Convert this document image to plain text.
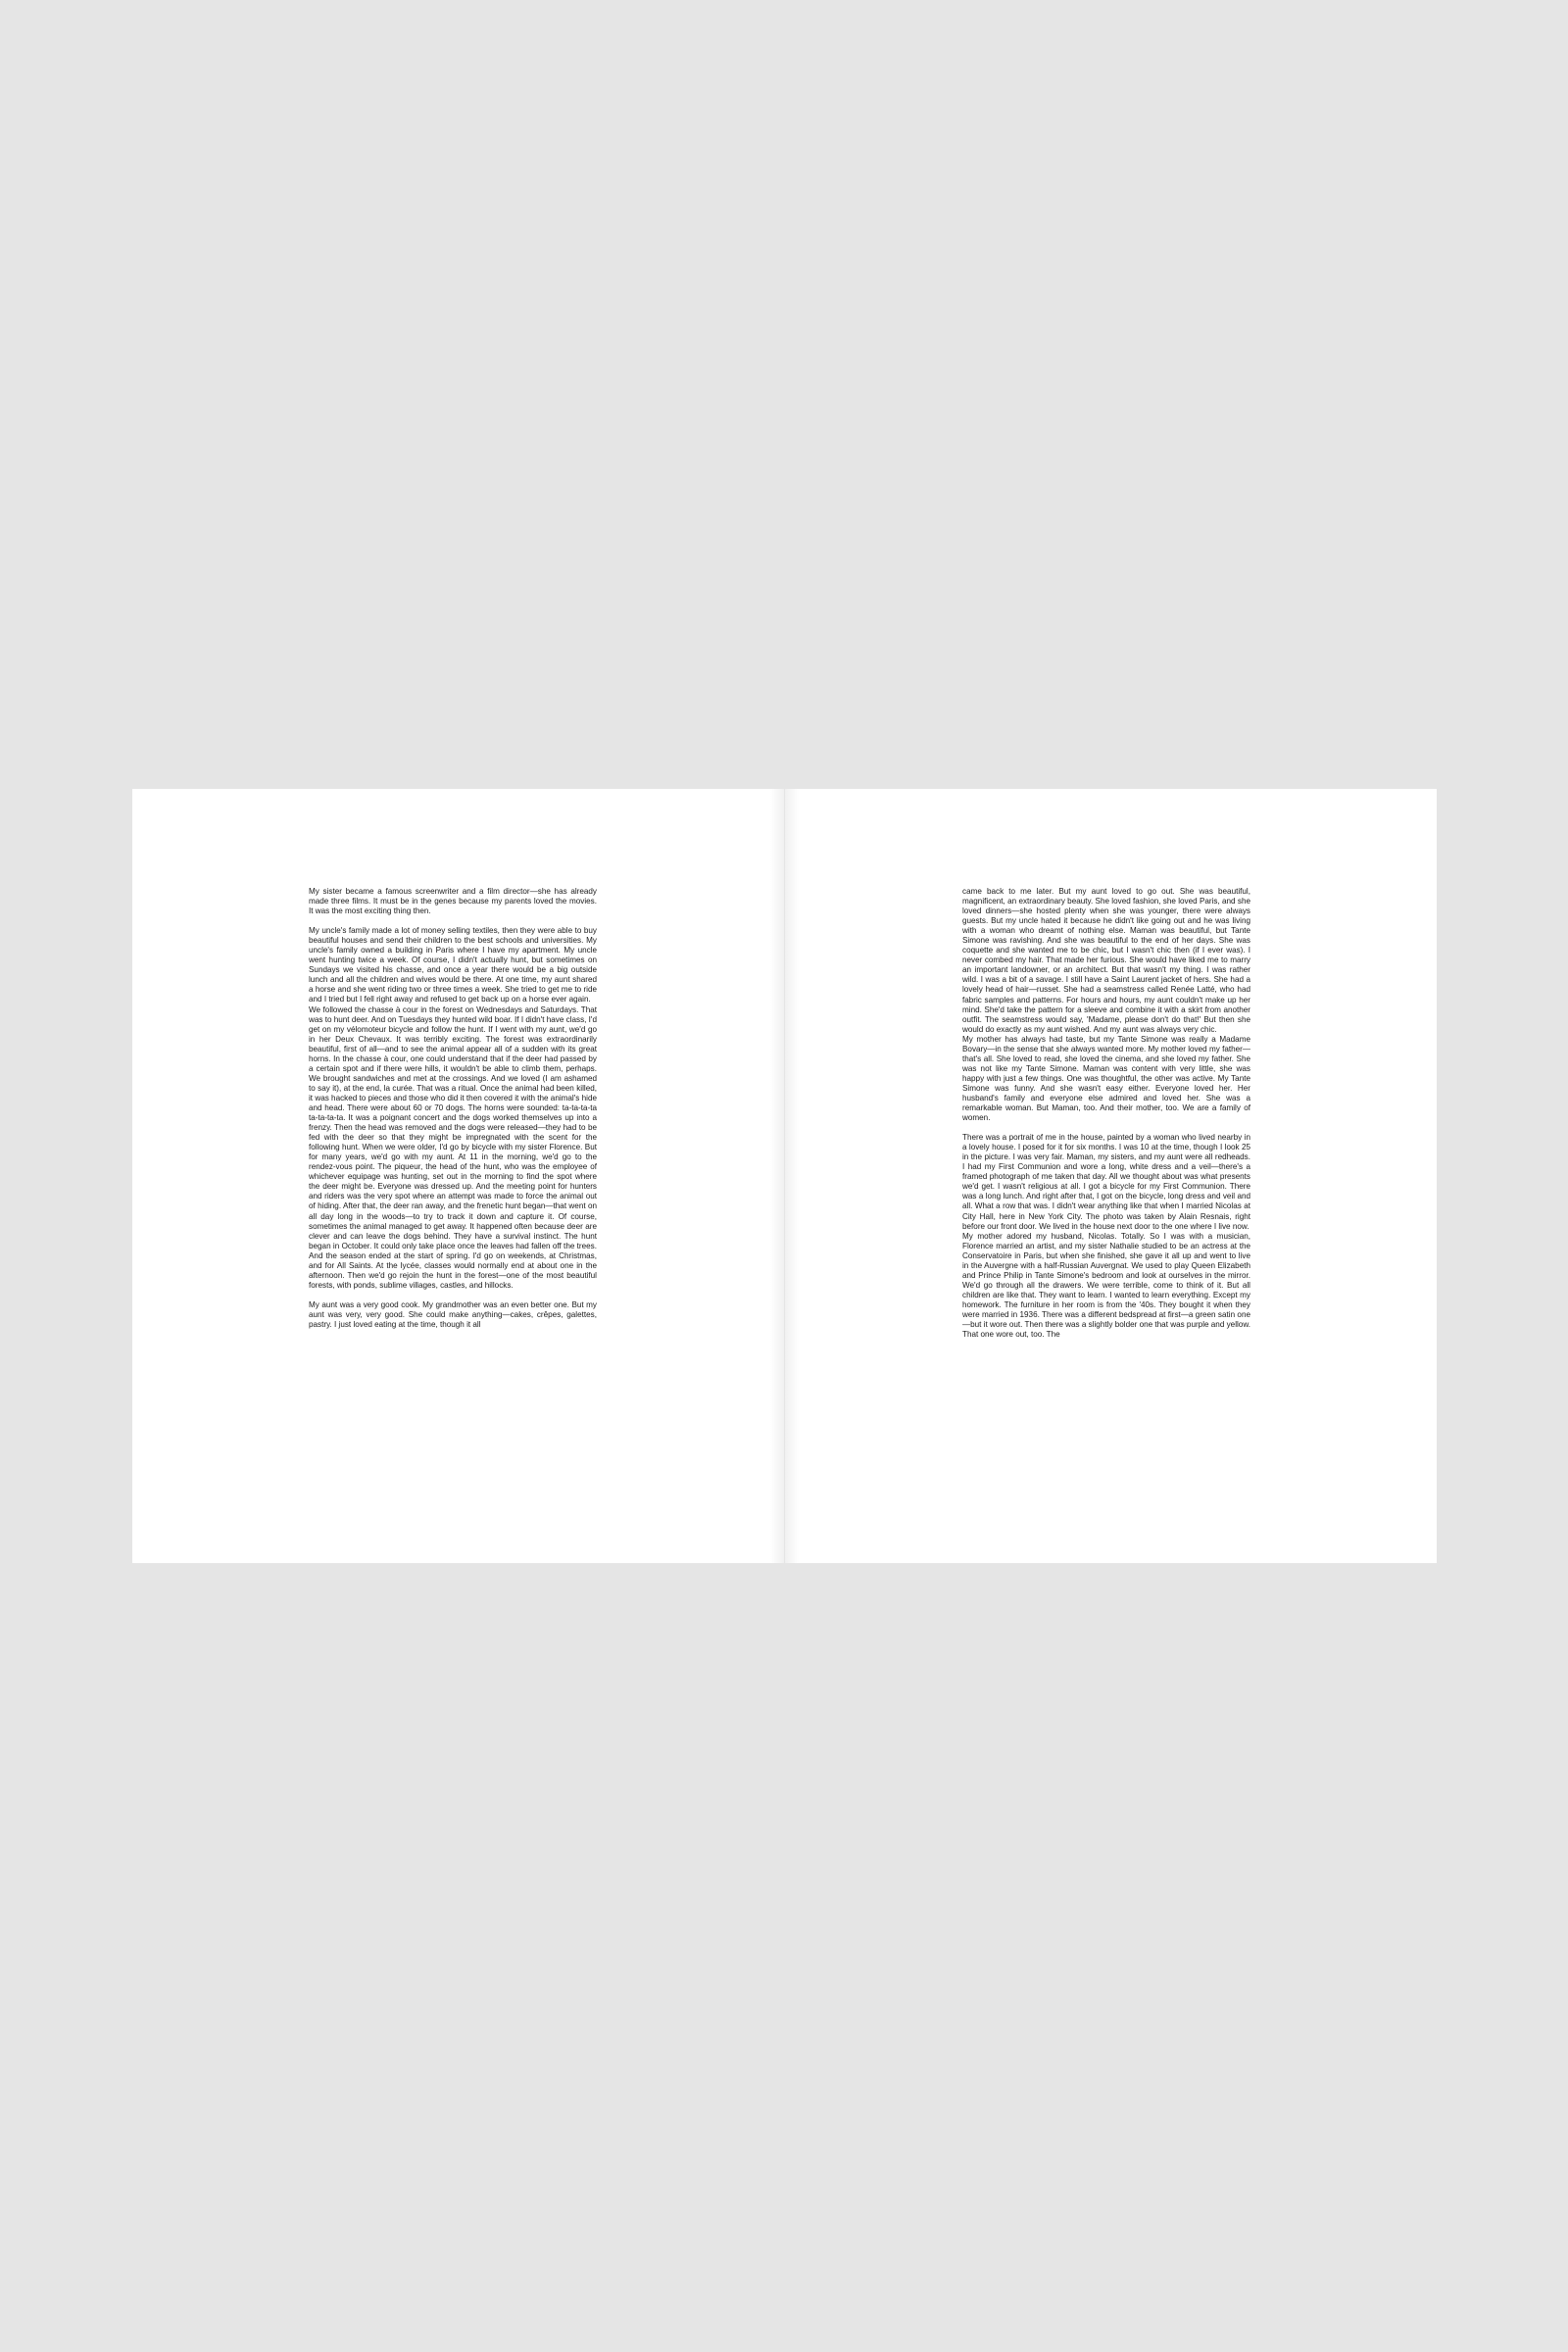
My sister became a famous screenwriter and a film director—she has already made three films. It must be in the genes because my parents loved the movies. It was the most exciting thing then.

My uncle's family made a lot of money selling textiles, then they were able to buy beautiful houses and send their children to the best schools and universities. My uncle's family owned a building in Paris where I have my apartment. My uncle went hunting twice a week. Of course, I didn't actually hunt, but sometimes on Sundays we visited his chasse, and once a year there would be a big outside lunch and all the children and wives would be there. At one time, my aunt shared a horse and she went riding two or three times a week. She tried to get me to ride and I tried but I fell right away and refused to get back up on a horse ever again.

We followed the chasse à cour in the forest on Wednesdays and Saturdays. That was to hunt deer. And on Tuesdays they hunted wild boar. If I didn't have class, I'd get on my vélomoteur bicycle and follow the hunt. If I went with my aunt, we'd go in her Deux Chevaux. It was terribly exciting. The forest was extraordinarily beautiful, first of all—and to see the animal appear all of a sudden with its great horns. In the chasse à cour, one could understand that if the deer had passed by a certain spot and if there were hills, it wouldn't be able to climb them, perhaps. We brought sandwiches and met at the crossings. And we loved (I am ashamed to say it), at the end, la curée. That was a ritual. Once the animal had been killed, it was hacked to pieces and those who did it then covered it with the animal's hide and head. There were about 60 or 70 dogs. The horns were sounded: ta-ta-ta-ta ta-ta-ta-ta. It was a poignant concert and the dogs worked themselves up into a frenzy. Then the head was removed and the dogs were released—they had to be fed with the deer so that they might be impregnated with the scent for the following hunt. When we were older, I'd go by bicycle with my sister Florence. But for many years, we'd go with my aunt. At 11 in the morning, we'd go to the rendez-vous point. The piqueur, the head of the hunt, who was the employee of whichever equipage was hunting, set out in the morning to find the spot where the deer might be. Everyone was dressed up. And the meeting point for hunters and riders was the very spot where an attempt was made to force the animal out of hiding. After that, the deer ran away, and the frenetic hunt began—that went on all day long in the woods—to try to track it down and capture it. Of course, sometimes the animal managed to get away. It happened often because deer are clever and can leave the dogs behind. They have a survival instinct. The hunt began in October. It could only take place once the leaves had fallen off the trees. And the season ended at the start of spring. I'd go on weekends, at Christmas, and for All Saints. At the lycée, classes would normally end at about one in the afternoon. Then we'd go rejoin the hunt in the forest—one of the most beautiful forests, with ponds, sublime villages, castles, and hillocks.

My aunt was a very good cook. My grandmother was an even better one. But my aunt was very, very good. She could make anything—cakes, crêpes, galettes, pastry. I just loved eating at the time, though it all

came back to me later. But my aunt loved to go out. She was beautiful, magnificent, an extraordinary beauty. She loved fashion, she loved Paris, and she loved dinners—she hosted plenty when she was younger, there were always guests. But my uncle hated it because he didn't like going out and he was living with a woman who dreamt of nothing else. Maman was beautiful, but Tante Simone was ravishing. And she was beautiful to the end of her days. She was coquette and she wanted me to be chic, but I wasn't chic then (if I ever was). I never combed my hair. That made her furious. She would have liked me to marry an important landowner, or an architect. But that wasn't my thing. I was rather wild. I was a bit of a savage. I still have a Saint Laurent jacket of hers. She had a lovely head of hair—russet. She had a seamstress called Renée Latté, who had fabric samples and patterns. For hours and hours, my aunt couldn't make up her mind. She'd take the pattern for a sleeve and combine it with a skirt from another outfit. The seamstress would say, 'Madame, please don't do that!' But then she would do exactly as my aunt wished. And my aunt was always very chic.

My mother has always had taste, but my Tante Simone was really a Madame Bovary—in the sense that she always wanted more. My mother loved my father—that's all. She loved to read, she loved the cinema, and she loved my father. She was not like my Tante Simone. Maman was content with very little, she was happy with just a few things. One was thoughtful, the other was active. My Tante Simone was funny. And she wasn't easy either. Everyone loved her. Her husband's family and everyone else admired and loved her. She was a remarkable woman. But Maman, too. And their mother, too. We are a family of women.

There was a portrait of me in the house, painted by a woman who lived nearby in a lovely house. I posed for it for six months. I was 10 at the time, though I look 25 in the picture. I was very fair. Maman, my sisters, and my aunt were all redheads. I had my First Communion and wore a long, white dress and a veil—there's a framed photograph of me taken that day. All we thought about was what presents we'd get. I wasn't religious at all. I got a bicycle for my First Communion. There was a long lunch. And right after that, I got on the bicycle, long dress and veil and all. What a row that was. I didn't wear anything like that when I married Nicolas at City Hall, here in New York City. The photo was taken by Alain Resnais, right before our front door. We lived in the house next door to the one where I live now.

My mother adored my husband, Nicolas. Totally. So I was with a musician, Florence married an artist, and my sister Nathalie studied to be an actress at the Conservatoire in Paris, but when she finished, she gave it all up and went to live in the Auvergne with a half-Russian Auvergnat. We used to play Queen Elizabeth and Prince Philip in Tante Simone's bedroom and look at ourselves in the mirror. We'd go through all the drawers. We were terrible, come to think of it. But all children are like that. They want to learn. I wanted to learn everything. Except my homework. The furniture in her room is from the '40s. They bought it when they were married in 1936. There was a different bedspread at first—a green satin one—but it wore out. Then there was a slightly bolder one that was purple and yellow. That one wore out, too. The
